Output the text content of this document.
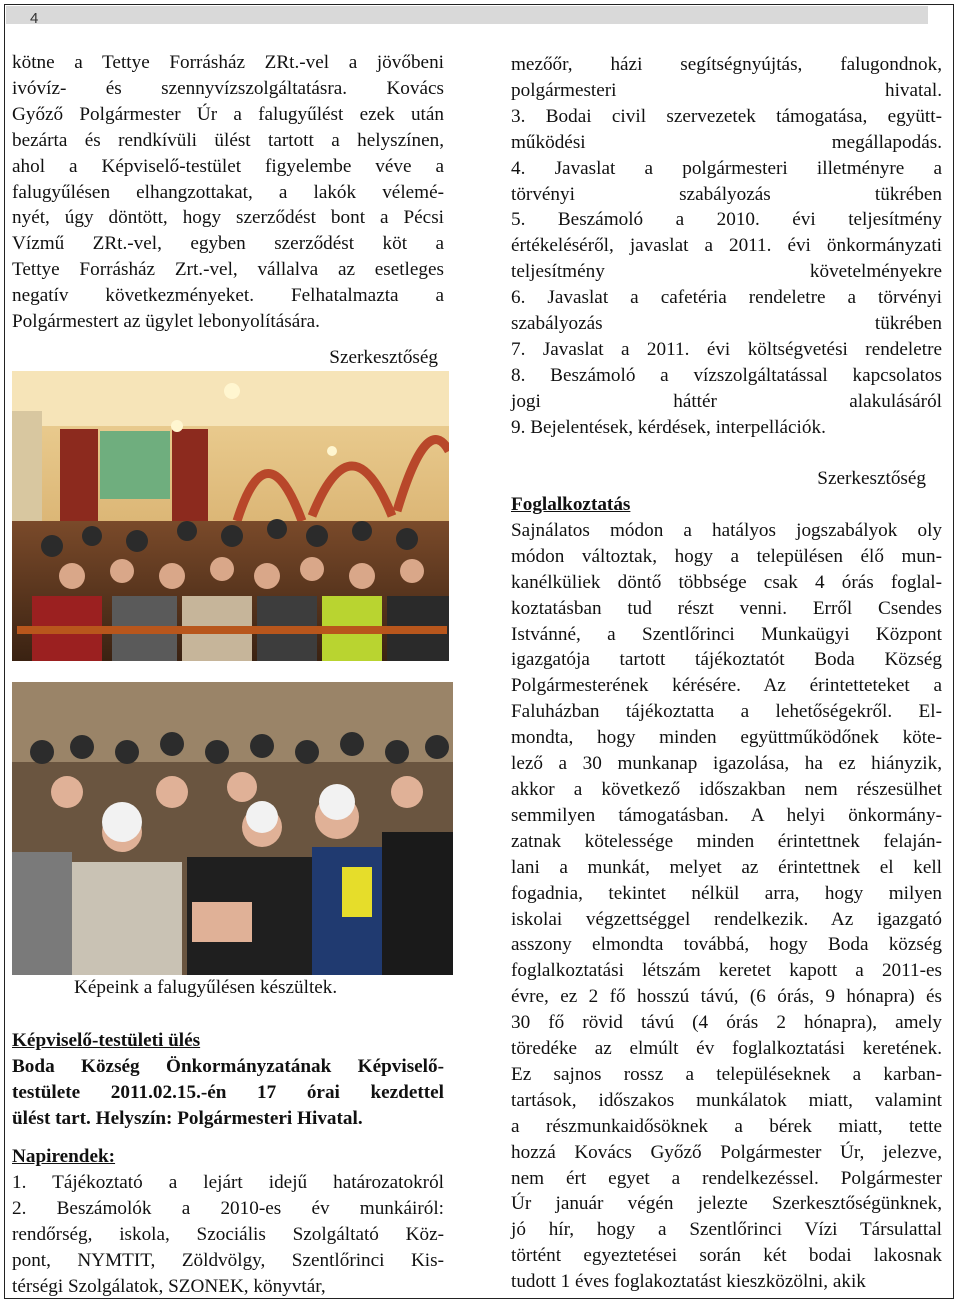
4

kötne a Tettye Forrásház ZRt.-vel a jövőbeni

ivóvíz- és szennyvízszolgáltatásra. Kovács

Győző Polgármester Úr a falugyűlést ezek után

bezárta és rendkívüli ülést tartott a helyszínen,

ahol a Képviselő-testület figyelembe véve a

falugyűlésen elhangzottakat, a lakók vélemé-

nyét, úgy döntött, hogy szerződést bont a Pécsi

Vízmű ZRt.-vel, egyben szerződést köt a

Tettye Forrásház Zrt.-vel, vállalva az esetleges

negatív következményeket. Felhatalmazta a

Polgármestert az ügylet lebonyolítására.

Szerkesztőség

Képeink a falugyűlésen készültek.

Képviselő-testületi ülés

Boda Község Önkormányzatának Képviselő-

testülete 2011.02.15.-én 17 órai kezdettel

ülést tart. Helyszín: Polgármesteri Hivatal.

Napirendek:

1. Tájékoztató a lejárt idejű határozatokról

2. Beszámolók a 2010-es év munkáiról:

rendőrség, iskola, Szociális Szolgáltató Köz-

pont, NYMTIT, Zöldvölgy, Szentlőrinci Kis-

térségi Szolgálatok, SZONEK, könyvtár,

mezőőr, házi segítségnyújtás, falugondnok,

polgármesteri hivatal.

3. Bodai civil szervezetek támogatása, együtt-

működési megállapodás.

4. Javaslat a polgármesteri illetményre a

törvényi szabályozás tükrében

5. Beszámoló a 2010. évi teljesítmény

értékeléséről, javaslat a 2011. évi önkormányzati

teljesítmény követelményekre

6. Javaslat a cafetéria rendeletre a törvényi

szabályozás tükrében

7. Javaslat a 2011. évi költségvetési rendeletre

8. Beszámoló a vízszolgáltatással kapcsolatos

jogi háttér alakulásáról

9. Bejelentések, kérdések, interpellációk.

Szerkesztőség

Foglalkoztatás

Sajnálatos módon a hatályos jogszabályok oly

módon változtak, hogy a településen élő mun-

kanélküliek döntő többsége csak 4 órás foglal-

koztatásban tud részt venni. Erről Csendes

Istvánné, a Szentlőrinci Munkaügyi Központ

igazgatója tartott tájékoztatót Boda Község

Polgármesterének kérésére. Az érintetteteket a

Faluházban tájékoztatta a lehetőségekről. El-

mondta, hogy minden együttműködőnek köte-

lező a 30 munkanap igazolása, ha ez hiányzik,

akkor a következő időszakban nem részesülhet

semmilyen támogatásban. A helyi önkormány-

zatnak kötelessége minden érintettnek felaján-

lani a munkát, melyet az érintettnek el kell

fogadnia, tekintet nélkül arra, hogy milyen

iskolai végzettséggel rendelkezik. Az igazgató

asszony elmondta továbbá, hogy Boda község

foglalkoztatási létszám keretet kapott a 2011-es

évre, ez 2 fő hosszú távú, (6 órás, 9 hónapra) és

30 fő rövid távú (4 órás 2 hónapra), amely

töredéke az elmúlt év foglalkoztatási keretének.

Ez sajnos rossz a településeknek a karban-

tartások, időszakos munkálatok miatt, valamint

a részmunkaidősöknek a bérek miatt, tette

hozzá Kovács Győző Polgármester Úr, jelezve,

nem ért egyet a rendelkezéssel. Polgármester

Úr január végén jelezte Szerkesztőségünknek,

jó hír, hogy a Szentlőrinci Vízi Társulattal

történt egyeztetései során két bodai lakosnak

tudott 1 éves foglakoztatást kieszközölni, akik
